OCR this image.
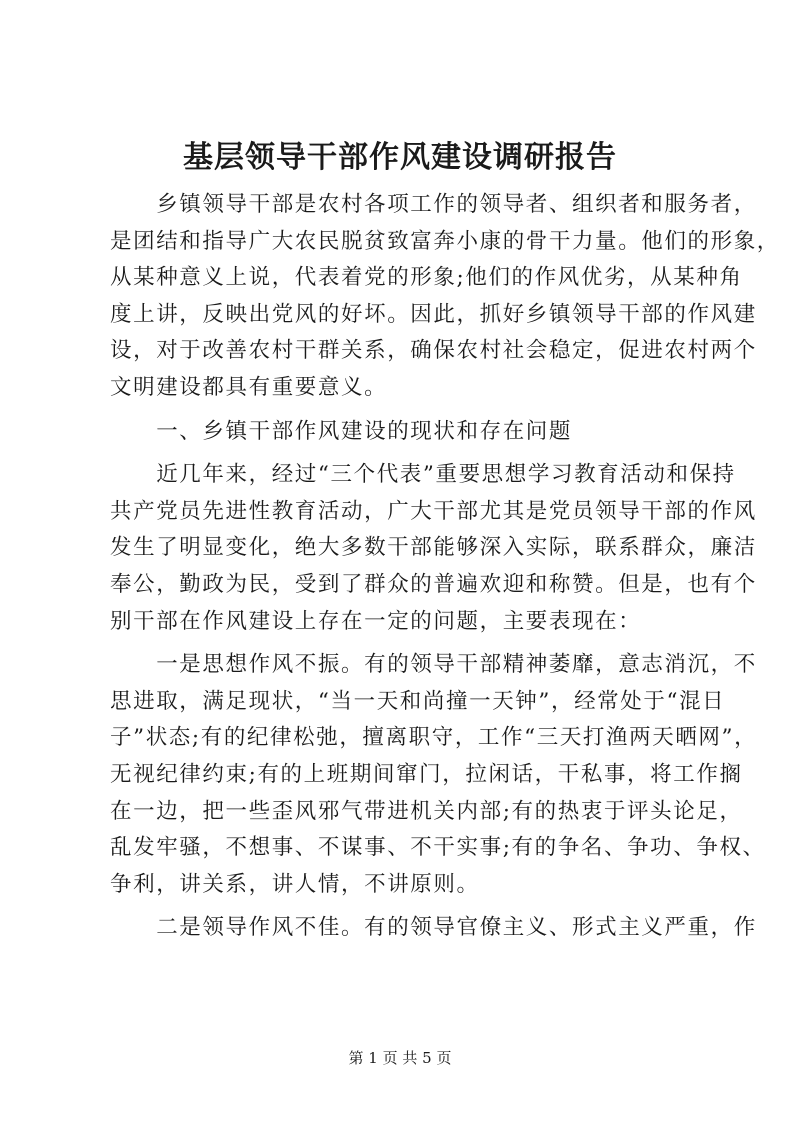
基层领导干部作风建设调研报告
　　乡镇领导干部是农村各项工作的领导者、组织者和服务者，
是团结和指导广大农民脱贫致富奔小康的骨干力量。他们的形象，
从某种意义上说，代表着党的形象;他们的作风优劣，从某种角
度上讲，反映出党风的好坏。因此，抓好乡镇领导干部的作风建
设，对于改善农村干群关系，确保农村社会稳定，促进农村两个
文明建设都具有重要意义。
　　一、乡镇干部作风建设的现状和存在问题
　　近几年来，经过“三个代表”重要思想学习教育活动和保持
共产党员先进性教育活动，广大干部尤其是党员领导干部的作风
发生了明显变化，绝大多数干部能够深入实际，联系群众，廉洁
奉公，勤政为民，受到了群众的普遍欢迎和称赞。但是，也有个
别干部在作风建设上存在一定的问题，主要表现在：
　　一是思想作风不振。有的领导干部精神萎靡，意志消沉，不
思进取，满足现状，“当一天和尚撞一天钟”，经常处于“混日
子”状态;有的纪律松弛，擅离职守，工作“三天打渔两天晒网”，
无视纪律约束;有的上班期间窜门，拉闲话，干私事，将工作搁
在一边，把一些歪风邪气带进机关内部;有的热衷于评头论足，
乱发牢骚，不想事、不谋事、不干实事;有的争名、争功、争权、
争利，讲关系，讲人情，不讲原则。
　　二是领导作风不佳。有的领导官僚主义、形式主义严重，作
第 1 页 共 5 页
